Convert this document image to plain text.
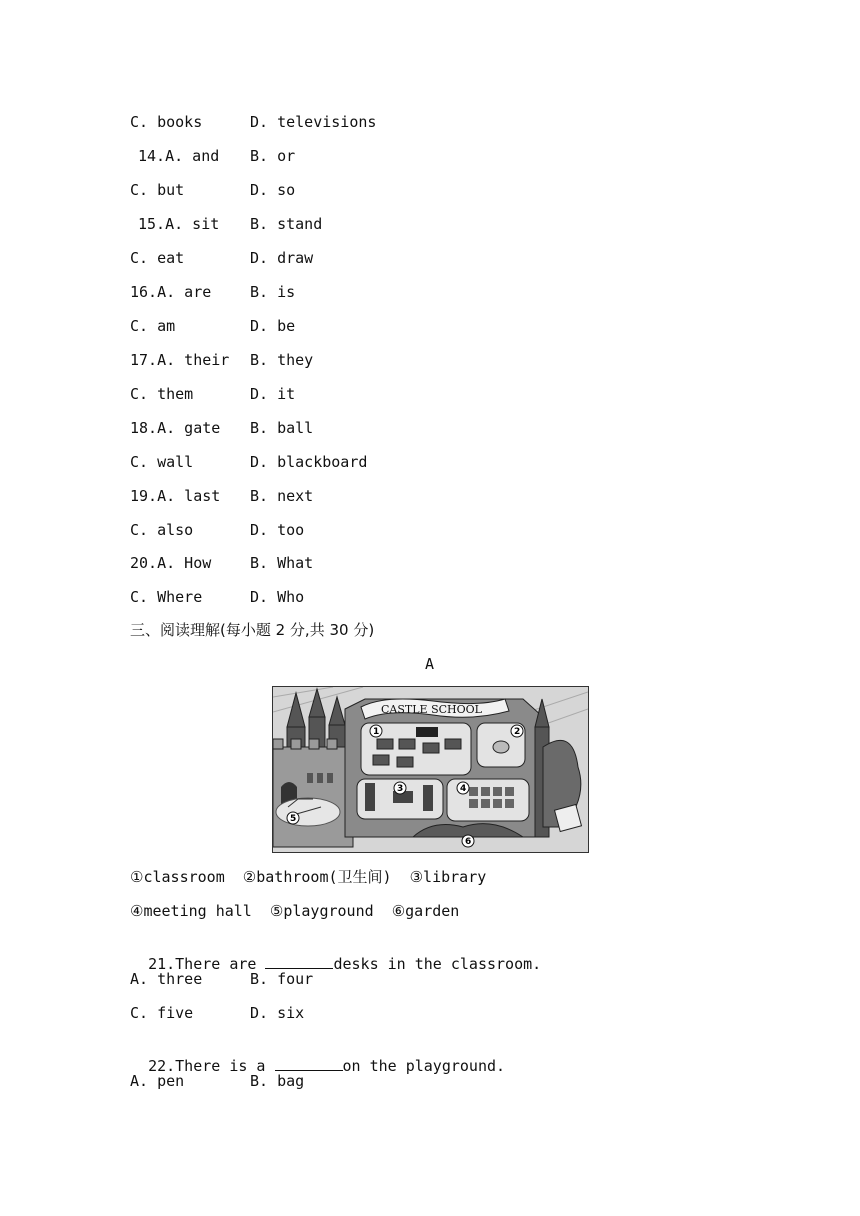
C. books	D. televisions
14.A. and B. or
C. but	D. so
15.A. sit B. stand
C. eat	D. draw
16.A. are	B. is
C. am	D. be
17.A. their B. they
C. them	D. it
18.A. gate B. ball
C. wall	D. blackboard
19.A. last B. next
C. also	D. too
20.A. How	B. What
C. Where	D. Who
三、阅读理解(每小题 2 分,共 30 分)
A
CASTLE SCHOOL
1	2
3	4
5
6
①classroom  ②bathroom(卫生间)  ③library
④meeting hall  ⑤playground  ⑥garden

21.There are	desks in the classroom.

A. three	B. four
C. five	D. six

22.There is a	on the playground.

A. pen	B. bag
